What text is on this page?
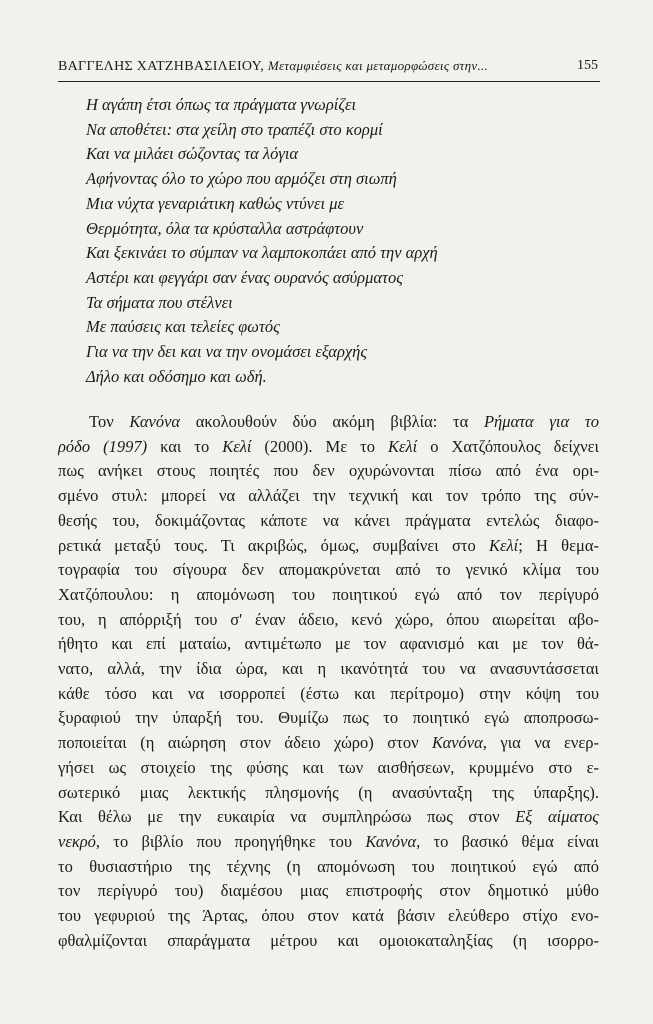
ΒΑΓΓΕΛΗΣ ΧΑΤΖΗΒΑΣΙΛΕΙΟΥ, Μεταμφιέσεις και μεταμορφώσεις στην...	155
Η αγάπη έτσι όπως τα πράγματα γνωρίζει
Να αποθέτει: στα χείλη στο τραπέζι στο κορμί
Και να μιλάει σώζοντας τα λόγια
Αφήνοντας όλο το χώρο που αρμόζει στη σιωπή
Μια νύχτα γεναριάτικη καθώς ντύνει με
Θερμότητα, όλα τα κρύσταλλα αστράφτουν
Και ξεκινάει το σύμπαν να λαμποκοπάει από την αρχή
Αστέρι και φεγγάρι σαν ένας ουρανός ασύρματος
Τα σήματα που στέλνει
Με παύσεις και τελείες φωτός
Για να την δει και να την ονομάσει εξαρχής
Δήλο και οδόσημο και ωδή.
Τον Κανόνα ακολουθούν δύο ακόμη βιβλία: τα Ρήματα για το
ρόδο (1997) και το Κελί (2000). Με το Κελί ο Χατζόπουλος δείχνει
πως ανήκει στους ποιητές που δεν οχυρώνονται πίσω από ένα ορι-
σμένο στυλ: μπορεί να αλλάζει την τεχνική και τον τρόπο της σύν-
θεσής του, δοκιμάζοντας κάποτε να κάνει πράγματα εντελώς διαφο-
ρετικά μεταξύ τους. Τι ακριβώς, όμως, συμβαίνει στο Κελί; Η θεμα-
τογραφία του σίγουρα δεν απομακρύνεται από το γενικό κλίμα του
Χατζόπουλου: η απομόνωση του ποιητικού εγώ από τον περίγυρό
του, η απόρριξή του σ' έναν άδειο, κενό χώρο, όπου αιωρείται αβο-
ήθητο και επί ματαίω, αντιμέτωπο με τον αφανισμό και με τον θά-
νατο, αλλά, την ίδια ώρα, και η ικανότητά του να ανασυντάσσεται
κάθε τόσο και να ισορροπεί (έστω και περίτρομο) στην κόψη του
ξυραφιού την ύπαρξή του. Θυμίζω πως το ποιητικό εγώ αποπροσω-
ποποιείται (η αιώρηση στον άδειο χώρο) στον Κανόνα, για να ενερ-
γήσει ως στοιχείο της φύσης και των αισθήσεων, κρυμμένο στο ε-
σωτερικό μιας λεκτικής πλησμονής (η ανασύνταξη της ύπαρξης).
Και θέλω με την ευκαιρία να συμπληρώσω πως στον Εξ αίματος
νεκρό, το βιβλίο που προηγήθηκε του Κανόνα, το βασικό θέμα είναι
το θυσιαστήριο της τέχνης (η απομόνωση του ποιητικού εγώ από
τον περίγυρό του) διαμέσου μιας επιστροφής στον δημοτικό μύθο
του γεφυριού της Άρτας, όπου στον κατά βάσιν ελεύθερο στίχο ενο-
φθαλμίζονται σπαράγματα μέτρου και ομοιοκαταληξίας (η ισορρο-
